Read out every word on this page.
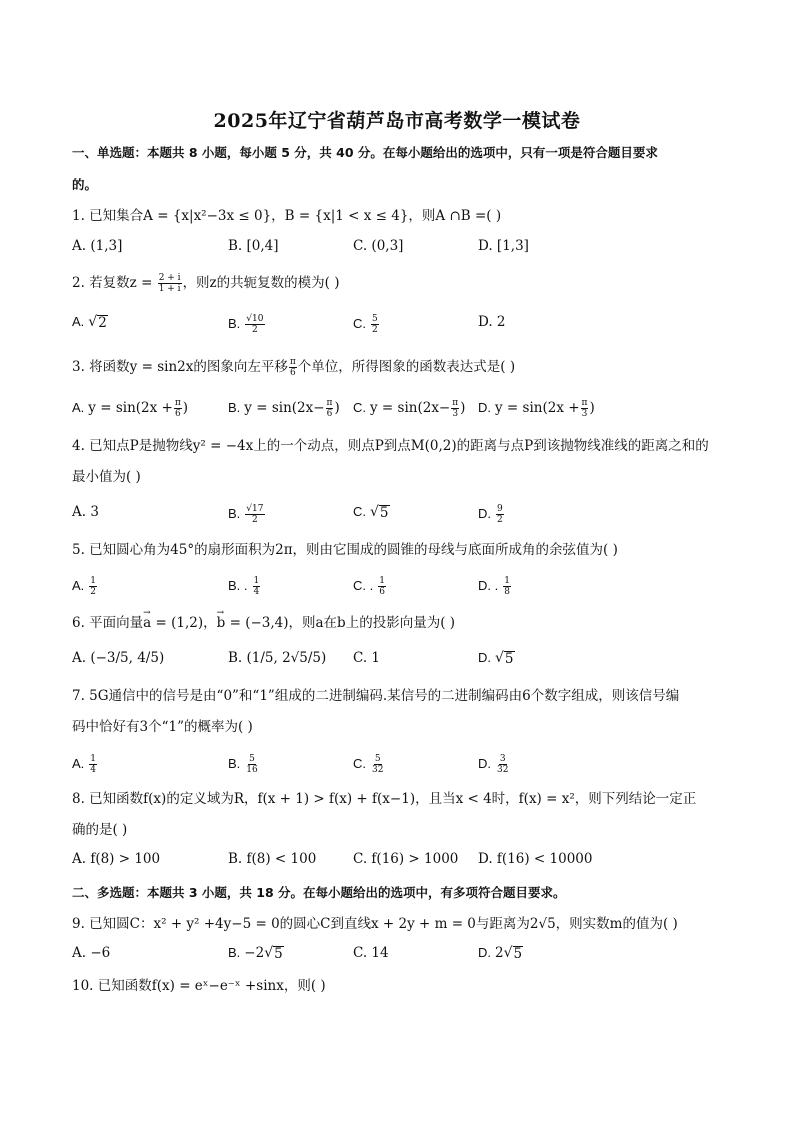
2025年辽宁省葫芦岛市高考数学一模试卷
一、单选题：本题共 8 小题，每小题 5 分，共 40 分。在每小题给出的选项中，只有一项是符合题目要求
的。
1. 已知集合A = {x|x²−3x ≤ 0}，B = {x|1 < x ≤ 4}，则A ∩B =( )
A. (1,3]	B. [0,4]	C. (0,3]	D. [1,3]
2. 若复数$z = \frac{2 + i}{1 + i}$ ，则z的共轭复数的模为( )
A. √ 2	B. $\frac{√10}{2}$	C. $\frac{5}{2}$	D. 2
3. 将函数y = sin2x的图象向左平移 $\frac{\pi}{6}$ 个单位，所得图象的函数表达式是( )
A. $y = \sin(2x + \frac{\pi}{6}$ )	B. $y = \sin(2x- \frac{\pi}{6}$ ) C. $y = \sin(2x- \frac{\pi}{3}$ ) D. $y = \sin(2x + \frac{\pi}{3}$ )
4. 已知点P是抛物线y² = −4x上的一个动点，则点P到点M(0,2)的距离与点P到该抛物线准线的距离之和的
最小值为( )
A. 3	B. $\frac{√17}{2}$	C. √ 5	D. $\frac{9}{2}$
5. 已知圆心角为45°的扇形面积为2π，则由它围成的圆锥的母线与底面所成角的余弦值为( )
A. $\frac{1}{2}$	B. . $\frac{1}{4}$	C. . $\frac{1}{6}$	D. . $\frac{1}{8}$
6. 平面向量→ a = (1,2)，→ b = (−3,4)，则a在b上的投影向量为( )
A. (−3/5, 4/5)	B. (1/5, 2√5/5) C. 1	D. √ 5
7. 5G通信中的信号是由“0”和“1”组成的二进制编码.某信号的二进制编码由6个数字组成，则该信号编
码中恰好有3个“1”的概率为( )
A. $\frac{1}{4}$	B. $\frac{5}{16}$	C. $\frac{5}{32}$	D. $\frac{3}{32}$
8. 已知函数f(x)的定义域为R，f(x + 1) > f(x) + f(x−1)，且当x < 4时，f(x) = x²，则下列结论一定正
确的是( )
A. f(8) > 100	B. f(8) < 100	C. f(16) > 1000 D. f(16) < 10000
二、多选题：本题共 3 小题，共 18 分。在每小题给出的选项中，有多项符合题目要求。
9. 已知圆C：x² + y² +4y−5 = 0的圆心C到直线x + 2y + m = 0与距离为2√5，则实数m的值为( )
A. −6	B. −2 √ 5	C. 14	D. 2 √ 5
10. 已知函数f(x) = eˣ−e⁻ˣ +sinx，则( )
